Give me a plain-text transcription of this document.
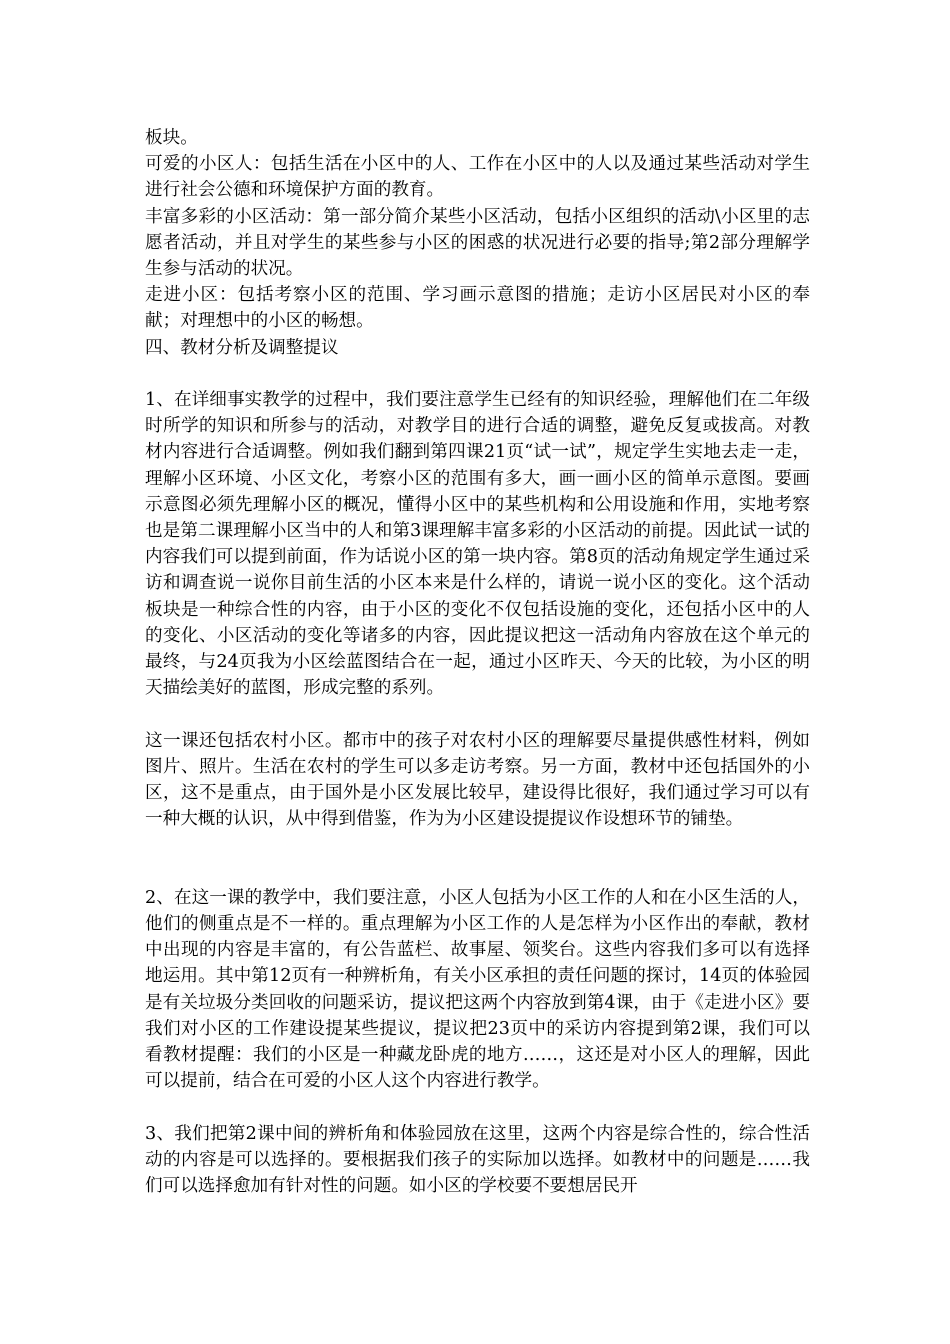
板块。
可爱的小区人：包括生活在小区中的人、工作在小区中的人以及通过某些活动对学生进行社会公德和环境保护方面的教育。
丰富多彩的小区活动：第一部分简介某些小区活动，包括小区组织的活动\小区里的志愿者活动，并且对学生的某些参与小区的困惑的状况进行必要的指导;第2部分理解学生参与活动的状况。
走进小区：包括考察小区的范围、学习画示意图的措施；走访小区居民对小区的奉献；对理想中的小区的畅想。
四、教材分析及调整提议

1、在详细事实教学的过程中，我们要注意学生已经有的知识经验，理解他们在二年级时所学的知识和所参与的活动，对教学目的进行合适的调整，避免反复或拔高。对教材内容进行合适调整。例如我们翻到第四课21页“试一试”，规定学生实地去走一走，理解小区环境、小区文化，考察小区的范围有多大，画一画小区的简单示意图。要画示意图必须先理解小区的概况，懂得小区中的某些机构和公用设施和作用，实地考察也是第二课理解小区当中的人和第3课理解丰富多彩的小区活动的前提。因此试一试的内容我们可以提到前面，作为话说小区的第一块内容。第8页的活动角规定学生通过采访和调查说一说你目前生活的小区本来是什么样的，请说一说小区的变化。这个活动板块是一种综合性的内容，由于小区的变化不仅包括设施的变化，还包括小区中的人的变化、小区活动的变化等诸多的内容，因此提议把这一活动角内容放在这个单元的最终，与24页我为小区绘蓝图结合在一起，通过小区昨天、今天的比较，为小区的明天描绘美好的蓝图，形成完整的系列。

这一课还包括农村小区。都市中的孩子对农村小区的理解要尽量提供感性材料，例如图片、照片。生活在农村的学生可以多走访考察。另一方面，教材中还包括国外的小区，这不是重点，由于国外是小区发展比较早，建设得比很好，我们通过学习可以有一种大概的认识，从中得到借鉴，作为为小区建设提提议作设想环节的铺垫。

2、在这一课的教学中，我们要注意，小区人包括为小区工作的人和在小区生活的人，他们的侧重点是不一样的。重点理解为小区工作的人是怎样为小区作出的奉献，教材中出现的内容是丰富的，有公告蓝栏、故事屋、领奖台。这些内容我们多可以有选择地运用。其中第12页有一种辨析角，有关小区承担的责任问题的探讨，14页的体验园是有关垃圾分类回收的问题采访，提议把这两个内容放到第4课，由于《走进小区》要我们对小区的工作建设提某些提议，提议把23页中的采访内容提到第2课，我们可以看教材提醒：我们的小区是一种藏龙卧虎的地方……，这还是对小区人的理解，因此可以提前，结合在可爱的小区人这个内容进行教学。

3、我们把第2课中间的辨析角和体验园放在这里，这两个内容是综合性的，综合性活动的内容是可以选择的。要根据我们孩子的实际加以选择。如教材中的问题是……我们可以选择愈加有针对性的问题。如小区的学校要不要想居民开
